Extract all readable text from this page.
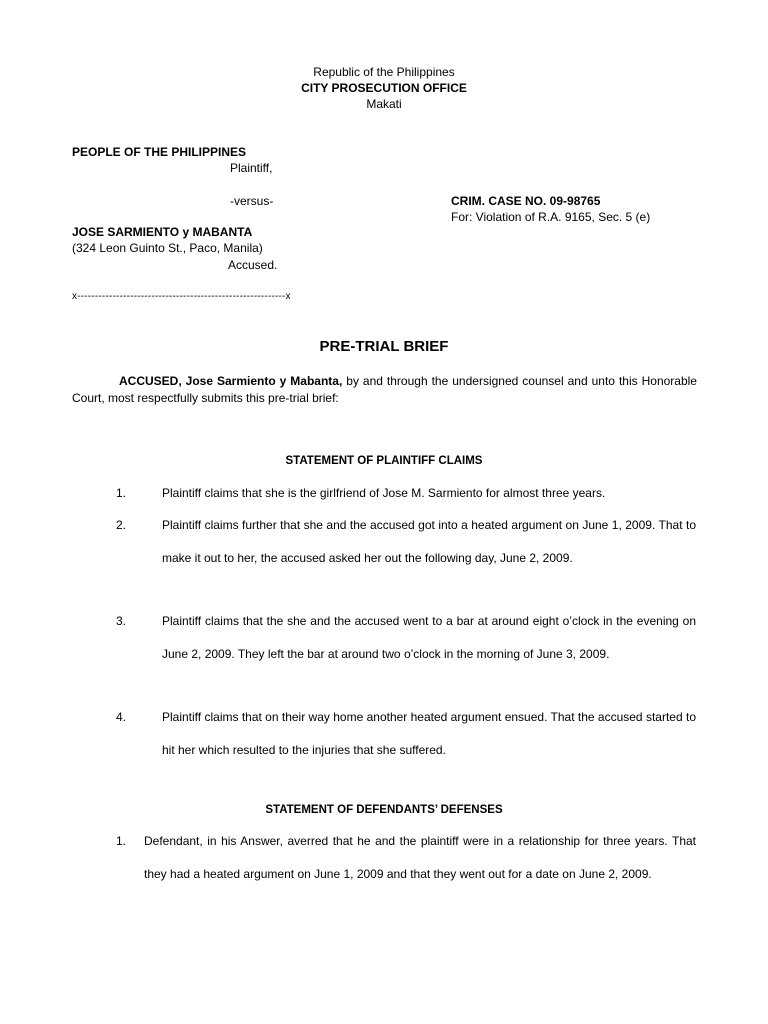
Republic of the Philippines
CITY PROSECUTION OFFICE
Makati
PEOPLE OF THE PHILIPPINES
Plaintiff,
-versus-	CRIM. CASE NO. 09-98765
For: Violation of R.A. 9165, Sec. 5 (e)
JOSE SARMIENTO y MABANTA
(324 Leon Guinto St., Paco, Manila)
Accused.
x-----------------------------------------------------------x
PRE-TRIAL BRIEF
ACCUSED, Jose Sarmiento y Mabanta, by and through the undersigned counsel and unto this Honorable Court, most respectfully submits this pre-trial brief:
STATEMENT OF PLAINTIFF CLAIMS
1.	Plaintiff claims that she is the girlfriend of Jose M. Sarmiento for almost three years.
2.	Plaintiff claims further that she and the accused got into a heated argument on June 1, 2009. That to make it out to her, the accused asked her out the following day, June 2, 2009.
3.	Plaintiff claims that the she and the accused went to a bar at around eight o’clock in the evening on June 2, 2009. They left the bar at around two o’clock in the morning of June 3, 2009.
4.	Plaintiff claims that on their way home another heated argument ensued. That the accused started to hit her which resulted to the injuries that she suffered.
STATEMENT OF DEFENDANTS’ DEFENSES
1. Defendant, in his Answer, averred that he and the plaintiff were in a relationship for three years. That they had a heated argument on June 1, 2009 and that they went out for a date on June 2, 2009.
